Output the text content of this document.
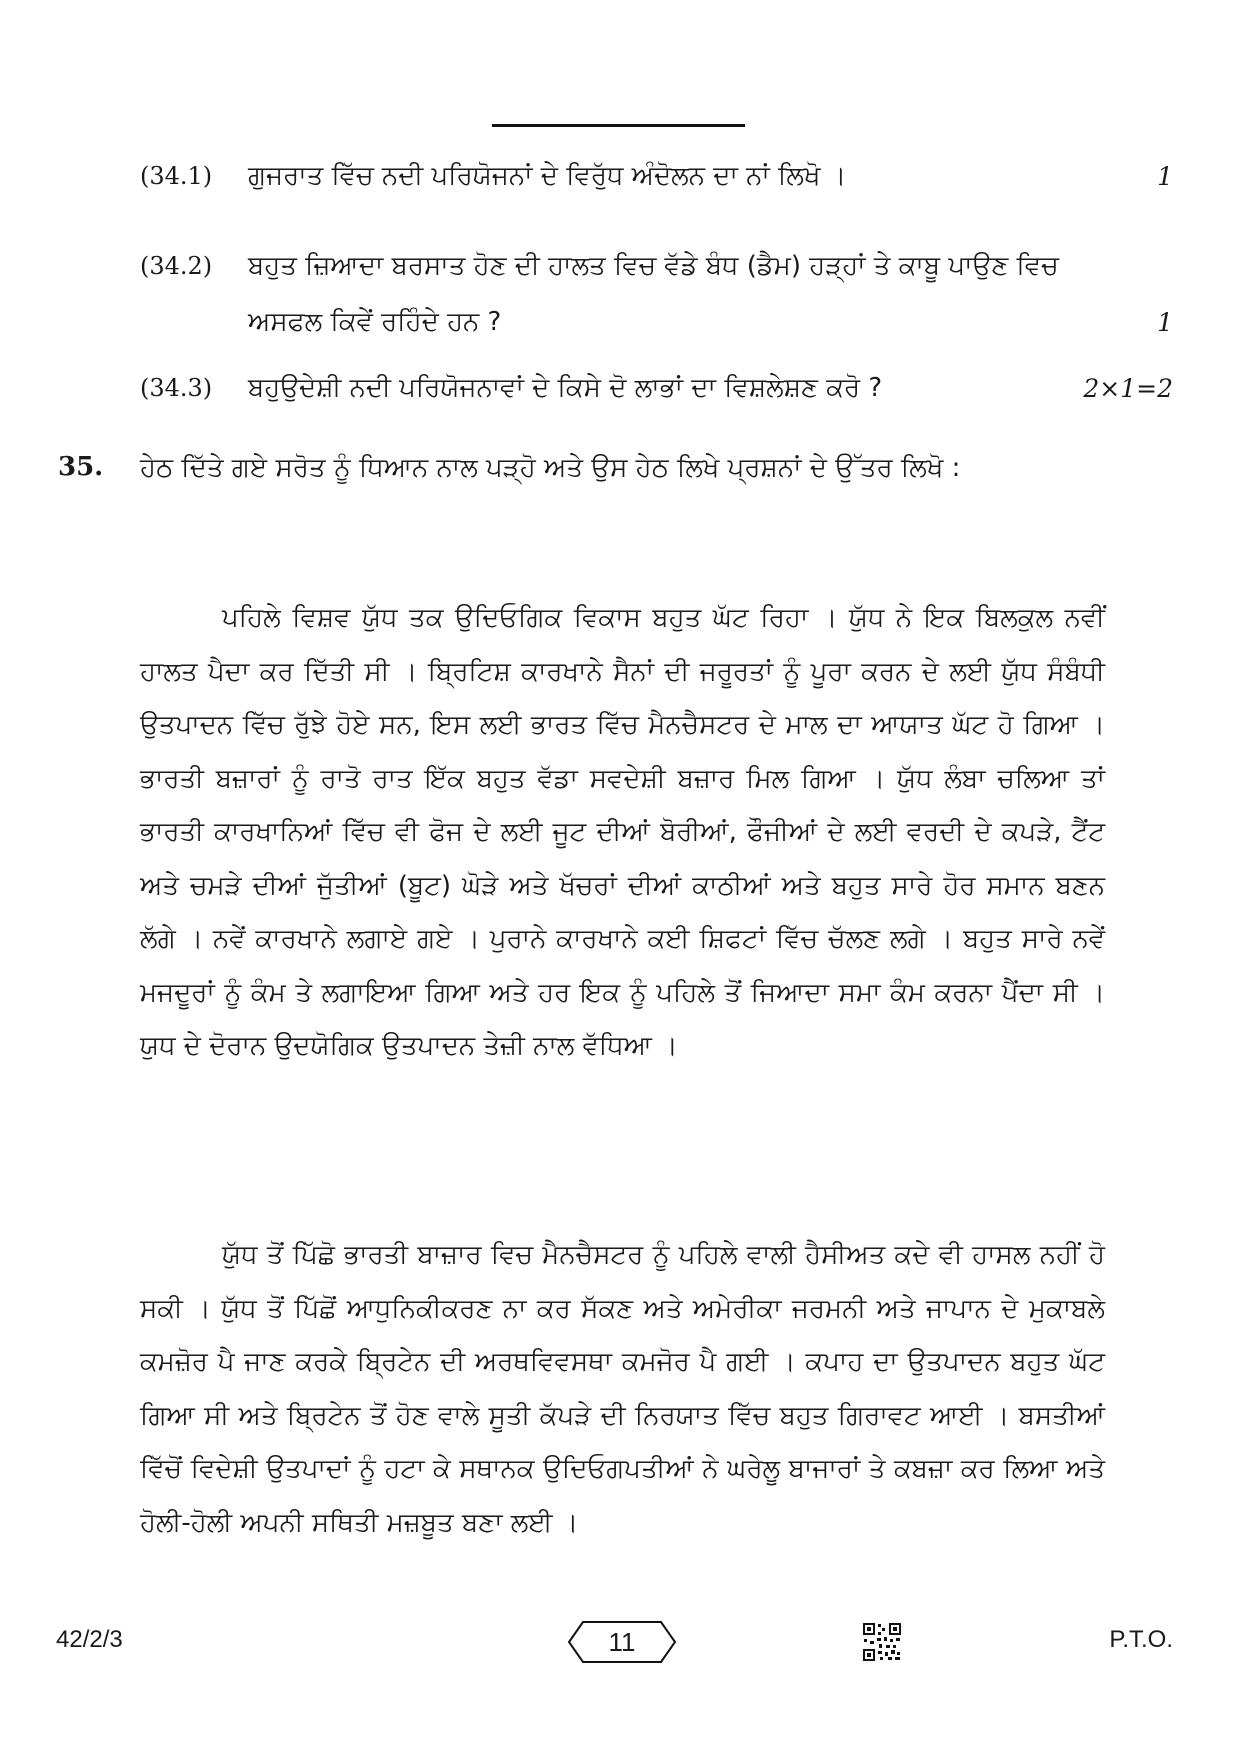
(34.1) ਗੁਜਰਾਤ ਵਿੱਚ ਨਦੀ ਪਰਿਯੋਜਨਾਂ ਦੇ ਵਿਰੁੱਧ ਅੰਦੋਲਨ ਦਾ ਨਾਂ ਲਿਖੋ ।	1
(34.2) ਬਹੁਤ ਜ਼ਿਆਦਾ ਬਰਸਾਤ ਹੋਣ ਦੀ ਹਾਲਤ ਵਿਚ ਵੱਡੇ ਬੰਧ (ਡੈਮ) ਹੜ੍ਹਾਂ ਤੇ ਕਾਬੂ ਪਾਉਣ ਵਿਚ ਅਸਫਲ ਕਿਵੇਂ ਰਹਿੰਦੇ ਹਨ ?	1
(34.3) ਬਹੁਉਦੇਸ਼ੀ ਨਦੀ ਪਰਿਯੋਜਨਾਵਾਂ ਦੇ ਕਿਸੇ ਦੋ ਲਾਭਾਂ ਦਾ ਵਿਸ਼ਲੇਸ਼ਣ ਕਰੋ ?	2×1=2
35. ਹੇਠ ਦਿੱਤੇ ਗਏ ਸਰੋਤ ਨੂੰ ਧਿਆਨ ਨਾਲ ਪੜ੍ਹੋ ਅਤੇ ਉਸ ਹੇਠ ਲਿਖੇ ਪ੍ਰਸ਼ਨਾਂ ਦੇ ਉੱਤਰ ਲਿਖੋ :

ਪਹਿਲੇ ਵਿਸ਼ਵ ਯੁੱਧ ਤਕ ਉਦਿਓਗਿਕ ਵਿਕਾਸ ਬਹੁਤ ਘੱਟ ਰਿਹਾ । ਯੁੱਧ ਨੇ ਇਕ ਬਿਲਕੁਲ ਨਵੀਂ ਹਾਲਤ ਪੈਦਾ ਕਰ ਦਿੱਤੀ ਸੀ । ਬ੍ਰਿਟਿਸ਼ ਕਾਰਖਾਨੇ ਸੈਨਾਂ ਦੀ ਜਰੂਰਤਾਂ ਨੂੰ ਪੂਰਾ ਕਰਨ ਦੇ ਲਈ ਯੁੱਧ ਸੰਬੰਧੀ ਉਤਪਾਦਨ ਵਿੱਚ ਰੁੱਝੇ ਹੋਏ ਸਨ, ਇਸ ਲਈ ਭਾਰਤ ਵਿੱਚ ਮੈਨਚੈਸਟਰ ਦੇ ਮਾਲ ਦਾ ਆਯਾਤ ਘੱਟ ਹੋ ਗਿਆ । ਭਾਰਤੀ ਬਜ਼ਾਰਾਂ ਨੂੰ ਰਾਤੋ ਰਾਤ ਇੱਕ ਬਹੁਤ ਵੱਡਾ ਸਵਦੇਸ਼ੀ ਬਜ਼ਾਰ ਮਿਲ ਗਿਆ । ਯੁੱਧ ਲੰਬਾ ਚਲਿਆ ਤਾਂ ਭਾਰਤੀ ਕਾਰਖਾਨਿਆਂ ਵਿੱਚ ਵੀ ਫੋਜ ਦੇ ਲਈ ਜੂਟ ਦੀਆਂ ਬੋਰੀਆਂ, ਫੌਜੀਆਂ ਦੇ ਲਈ ਵਰਦੀ ਦੇ ਕਪੜੇ, ਟੈਂਟ ਅਤੇ ਚਮੜੇ ਦੀਆਂ ਜੁੱਤੀਆਂ (ਬੂਟ) ਘੋੜੇ ਅਤੇ ਖੱਚਰਾਂ ਦੀਆਂ ਕਾਠੀਆਂ ਅਤੇ ਬਹੁਤ ਸਾਰੇ ਹੋਰ ਸਮਾਨ ਬਣਨ ਲੱਗੇ । ਨਵੇਂ ਕਾਰਖਾਨੇ ਲਗਾਏ ਗਏ । ਪੁਰਾਨੇ ਕਾਰਖਾਨੇ ਕਈ ਸ਼ਿਫਟਾਂ ਵਿੱਚ ਚੱਲਣ ਲਗੇ । ਬਹੁਤ ਸਾਰੇ ਨਵੇਂ ਮਜਦੂਰਾਂ ਨੂੰ ਕੰਮ ਤੇ ਲਗਾਇਆ ਗਿਆ ਅਤੇ ਹਰ ਇਕ ਨੂੰ ਪਹਿਲੇ ਤੋਂ ਜਿਆਦਾ ਸਮਾ ਕੰਮ ਕਰਨਾ ਪੈਂਦਾ ਸੀ । ਯੁਧ ਦੇ ਦੋਰਾਨ ਉਦਯੋਗਿਕ ਉਤਪਾਦਨ ਤੇਜ਼ੀ ਨਾਲ ਵੱਧਿਆ ।

ਯੁੱਧ ਤੋਂ ਪਿੱਛੋ ਭਾਰਤੀ ਬਾਜ਼ਾਰ ਵਿਚ ਮੈਨਚੈਸਟਰ ਨੂੰ ਪਹਿਲੇ ਵਾਲੀ ਹੈਸੀਅਤ ਕਦੇ ਵੀ ਹਾਸਲ ਨਹੀਂ ਹੋ ਸਕੀ । ਯੁੱਧ ਤੋਂ ਪਿੱਛੋਂ ਆਧੁਨਿਕੀਕਰਣ ਨਾ ਕਰ ਸੱਕਣ ਅਤੇ ਅਮੇਰੀਕਾ ਜਰਮਨੀ ਅਤੇ ਜਾਪਾਨ ਦੇ ਮੁਕਾਬਲੇ ਕਮਜ਼ੋਰ ਪੈ ਜਾਣ ਕਰਕੇ ਬ੍ਰਿਟੇਨ ਦੀ ਅਰਥਵਿਵਸਥਾ ਕਮਜੋਰ ਪੈ ਗਈ । ਕਪਾਹ ਦਾ ਉਤਪਾਦਨ ਬਹੁਤ ਘੱਟ ਗਿਆ ਸੀ ਅਤੇ ਬ੍ਰਿਟੇਨ ਤੋਂ ਹੋਣ ਵਾਲੇ ਸੂਤੀ ਕੱਪੜੇ ਦੀ ਨਿਰਯਾਤ ਵਿੱਚ ਬਹੁਤ ਗਿਰਾਵਟ ਆਈ । ਬਸਤੀਆਂ ਵਿੱਚੋਂ ਵਿਦੇਸ਼ੀ ਉਤਪਾਦਾਂ ਨੂੰ ਹਟਾ ਕੇ ਸਥਾਨਕ ਉਦਿਓਗਪਤੀਆਂ ਨੇ ਘਰੇਲੂ ਬਾਜਾਰਾਂ ਤੇ ਕਬਜ਼ਾ ਕਰ ਲਿਆ ਅਤੇ ਹੋਲੀ-ਹੋਲੀ ਅਪਨੀ ਸਥਿਤੀ ਮਜ਼ਬੂਤ ਬਣਾ ਲਈ ।

42/2/3	11	P.T.O.
